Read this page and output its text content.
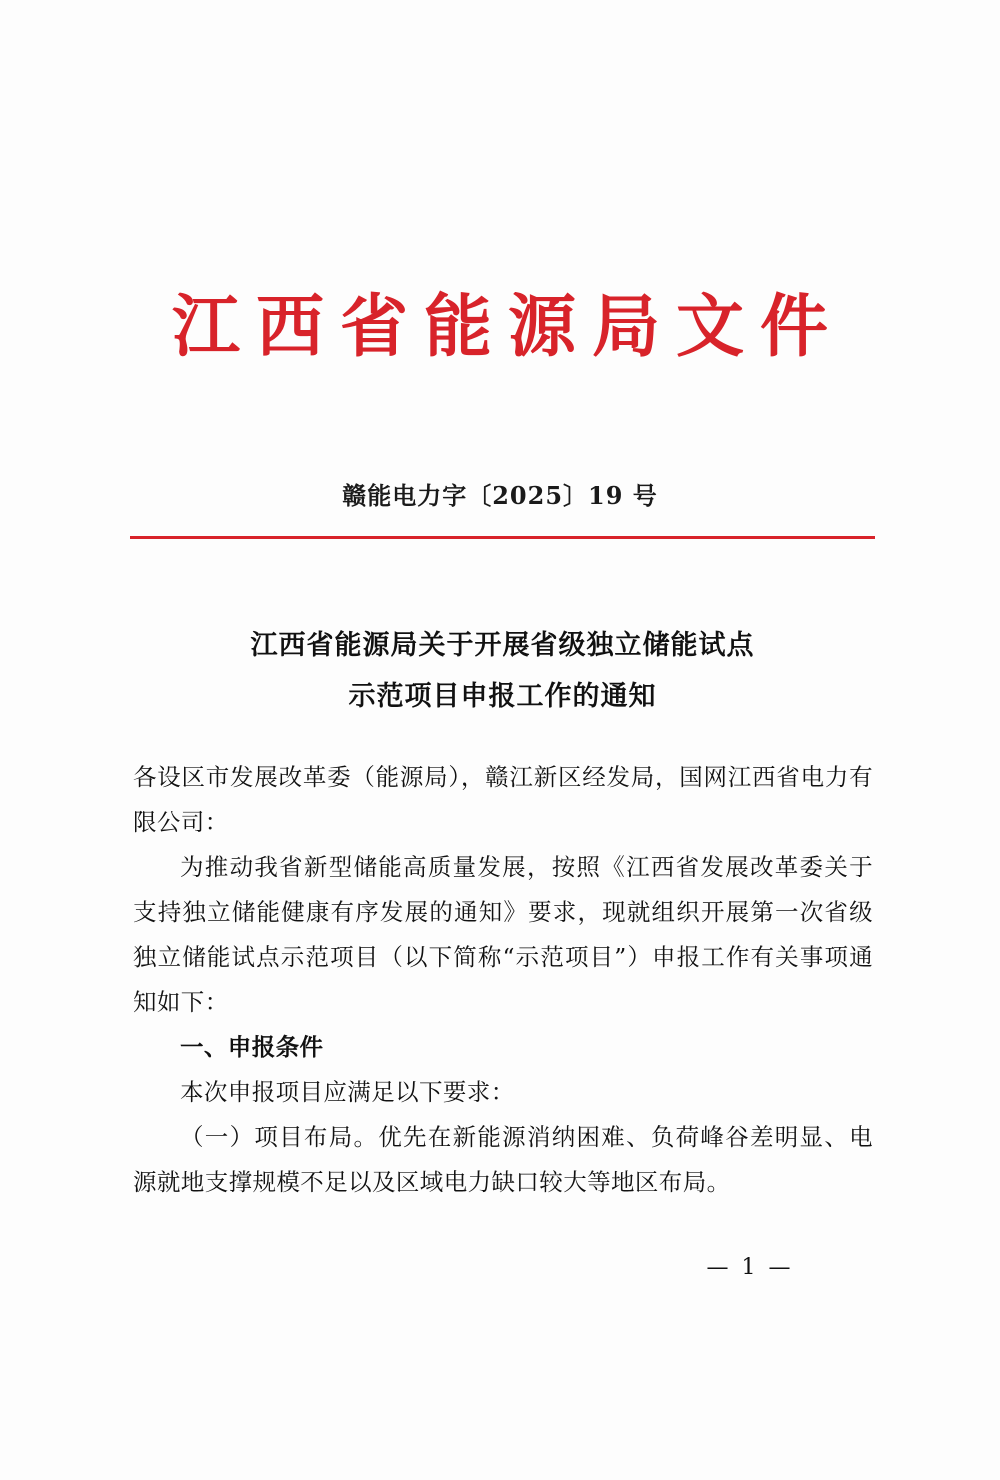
江西省能源局文件
赣能电力字〔2025〕19 号
江西省能源局关于开展省级独立储能试点
示范项目申报工作的通知

各设区市发展改革委（能源局），赣江新区经发局，国网江西省电力有限公司：

为推动我省新型储能高质量发展，按照《江西省发展改革委关于支持独立储能健康有序发展的通知》要求，现就组织开展第一次省级独立储能试点示范项目（以下简称“示范项目”）申报工作有关事项通知如下：

一、申报条件

本次申报项目应满足以下要求：

（一）项目布局。优先在新能源消纳困难、负荷峰谷差明显、电源就地支撑规模不足以及区域电力缺口较大等地区布局。

— 1 —
